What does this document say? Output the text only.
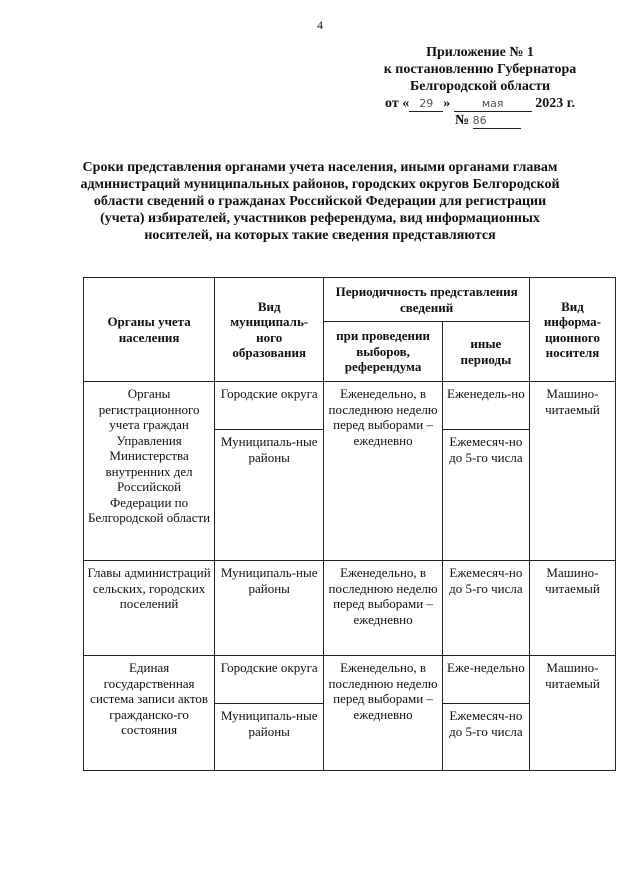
4
Приложение № 1
к постановлению Губернатора
Белгородской области
от « 29 »	мая 2023 г.
№ 86
Сроки представления органами учета населения, иными органами главам администраций муниципальных районов, городских округов Белгородской области сведений о гражданах Российской Федерации для регистрации (учета) избирателей, участников референдума, вид информационных носителей, на которых такие сведения представляются
Органы учета населения	Вид муниципаль-ного образования	Периодичность представления сведений		Вид информа-ционного носителя
		при проведении выборов, референдума	иные периоды	
Органы регистрационного учета граждан Управления Министерства внутренних дел Российской Федерации по Белгородской области	Городские округа	Еженедельно, в последнюю неделю перед выборами – ежедневно	Еженедель-но	Машино-читаемый
	Муниципаль-ные районы		Ежемесяч-но до 5-го числа	
Главы администраций сельских, городских поселений	Муниципаль-ные районы	Еженедельно, в последнюю неделю перед выборами – ежедневно	Ежемесяч-но до 5-го числа	Машино-читаемый
Единая государственная система записи актов гражданско-го состояния	Городские округа	Еженедельно, в последнюю неделю перед выборами – ежедневно	Еже-недельно	Машино-читаемый
	Муниципаль-ные районы		Ежемесяч-но до 5-го числа	
